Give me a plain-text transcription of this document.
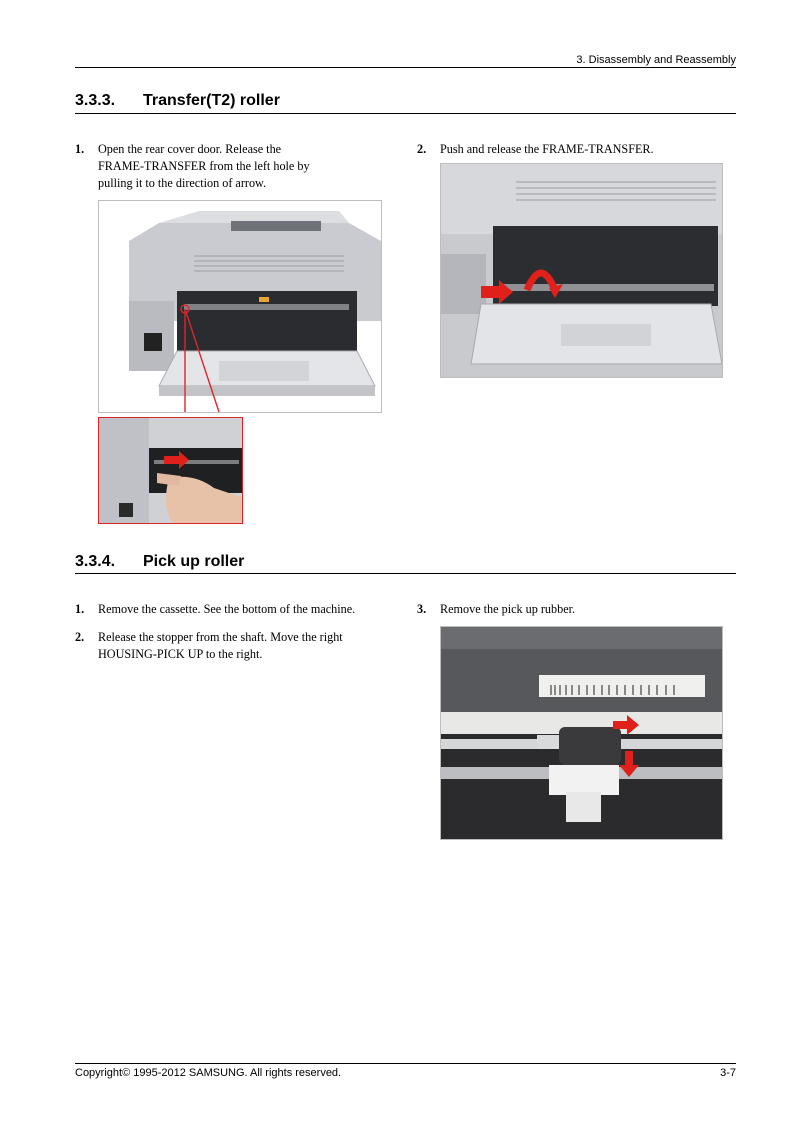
3. Disassembly and Reassembly
3.3.3. Transfer(T2) roller
1. Open the rear cover door. Release the
FRAME-TRANSFER from the left hole by
pulling it to the direction of arrow.
2. Push and release the FRAME-TRANSFER.
3.3.4. Pick up roller
1. Remove the cassette. See the bottom of the machine.
2. Release the stopper from the shaft. Move the right
HOUSING-PICK UP to the right.
3. Remove the pick up rubber.
Copyright© 1995-2012 SAMSUNG. All rights reserved.	3-7
